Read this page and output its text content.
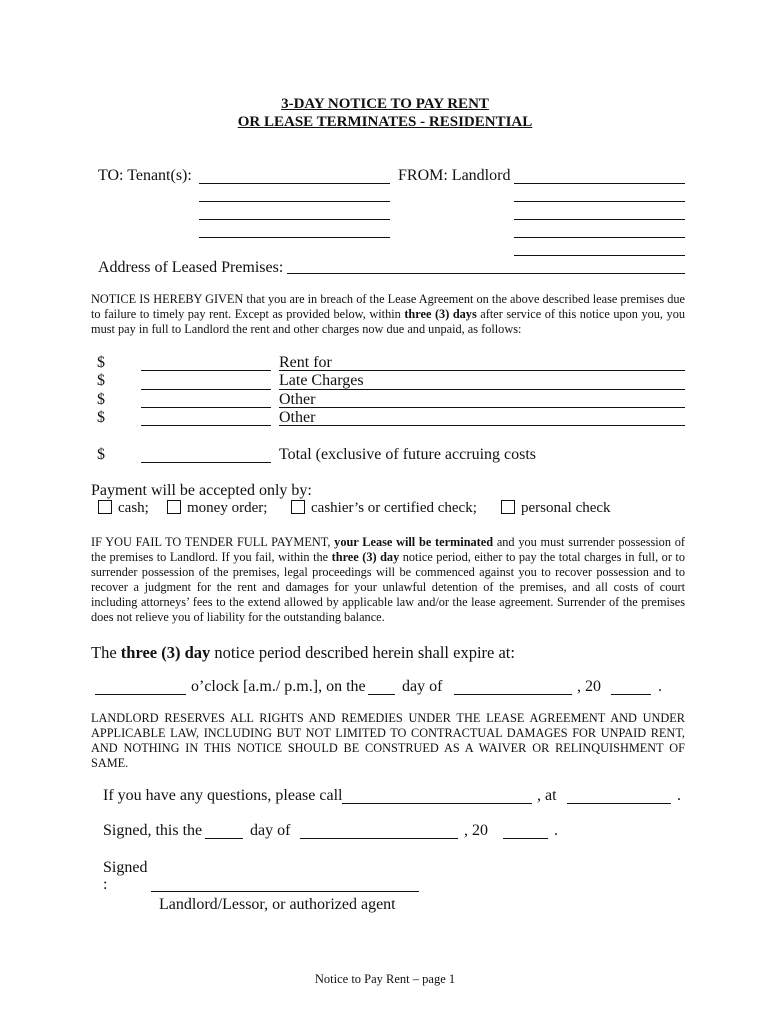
3-DAY NOTICE TO PAY RENT
OR LEASE TERMINATES - RESIDENTIAL
TO: Tenant(s):	FROM: Landlord
Address of Leased Premises:
NOTICE IS HEREBY GIVEN that you are in breach of the Lease Agreement on the above described lease premises due to failure to timely pay rent. Except as provided below, within three (3) days after service of this notice upon you, you must pay in full to Landlord the rent and other charges now due and unpaid, as follows:
$	Rent for
$	Late Charges
$	Other
$	Other
$	Total (exclusive of future accruing costs
Payment will be accepted only by:
cash;	money order;	cashier’s or certified check;	personal check
IF YOU FAIL TO TENDER FULL PAYMENT, your Lease will be terminated and you must surrender possession of the premises to Landlord. If you fail, within the three (3) day notice period, either to pay the total charges in full, or to surrender possession of the premises, legal proceedings will be commenced against you to recover possession and to recover a judgment for the rent and damages for your unlawful detention of the premises, and all costs of court including attorneys’ fees to the extend allowed by applicable law and/or the lease agreement. Surrender of the premises does not relieve you of liability for the outstanding balance.
The three (3) day notice period described herein shall expire at:
o’clock [a.m./ p.m.], on the day of	, 20	.
LANDLORD RESERVES ALL RIGHTS AND REMEDIES UNDER THE LEASE AGREEMENT AND UNDER APPLICABLE LAW, INCLUDING BUT NOT LIMITED TO CONTRACTUAL DAMAGES FOR UNPAID RENT, AND NOTHING IN THIS NOTICE SHOULD BE CONSTRUED AS A WAIVER OR RELINQUISHMENT OF SAME.
If you have any questions, please call	, at	.
Signed, this the	day of	, 20	.
Signed
:
Landlord/Lessor, or authorized agent
Notice to Pay Rent – page 1
